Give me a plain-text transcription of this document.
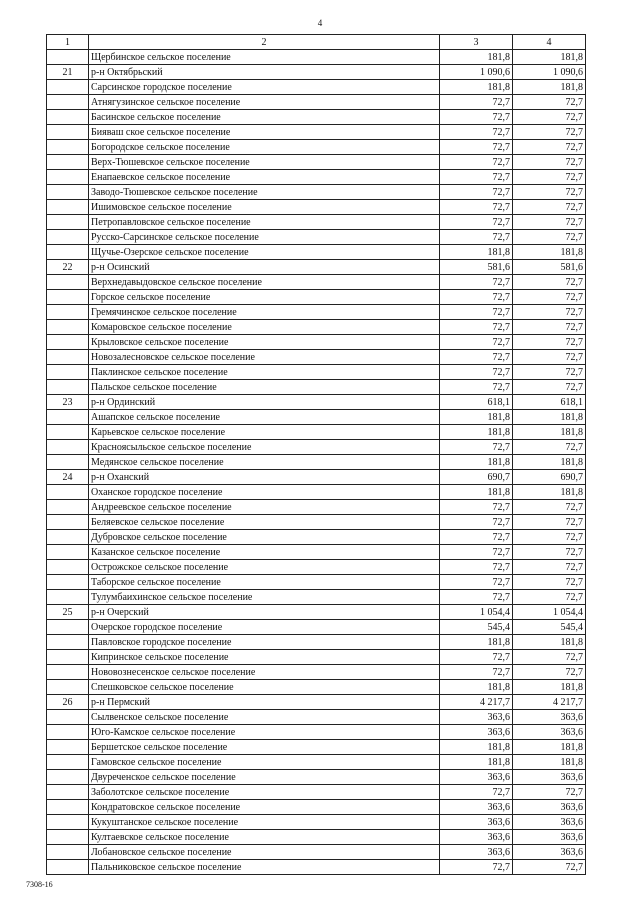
4
1	2	3	4
	Щербинское сельское поселение	181,8	181,8
21	р-н Октябрьский	1 090,6	1 090,6
	Сарсинское городское поселение	181,8	181,8
	Атнягузинское сельское поселение	72,7	72,7
	Басинское сельское поселение	72,7	72,7
	Бияваш ское сельское поселение	72,7	72,7
	Богородское сельское поселение	72,7	72,7
	Верх-Тюшевское сельское поселение	72,7	72,7
	Енапаевское сельское поселение	72,7	72,7
	Заводо-Тюшевское сельское поселение	72,7	72,7
	Ишимовское сельское поселение	72,7	72,7
	Петропавловское сельское поселение	72,7	72,7
	Русско-Сарсинское сельское поселение	72,7	72,7
	Щучье-Озерское сельское поселение	181,8	181,8
22	р-н Осинский	581,6	581,6
	Верхнедавыдовское сельское поселение	72,7	72,7
	Горское сельское поселение	72,7	72,7
	Гремячинское сельское поселение	72,7	72,7
	Комаровское сельское поселение	72,7	72,7
	Крыловское сельское поселение	72,7	72,7
	Новозалесновское сельское поселение	72,7	72,7
	Паклинское сельское поселение	72,7	72,7
	Пальское сельское поселение	72,7	72,7
23	р-н Ординский	618,1	618,1
	Ашапское сельское поселение	181,8	181,8
	Карьевское сельское поселение	181,8	181,8
	Красноясыльское сельское поселение	72,7	72,7
	Медянское сельское поселение	181,8	181,8
24	р-н Оханский	690,7	690,7
	Оханское городское поселение	181,8	181,8
	Андреевское сельское поселение	72,7	72,7
	Беляевское сельское поселение	72,7	72,7
	Дубровское сельское поселение	72,7	72,7
	Казанское сельское поселение	72,7	72,7
	Острожское сельское поселение	72,7	72,7
	Таборское сельское поселение	72,7	72,7
	Тулумбаихинское сельское поселение	72,7	72,7
25	р-н Очерский	1 054,4	1 054,4
	Очерское городское поселение	545,4	545,4
	Павловское городское поселение	181,8	181,8
	Кипринское сельское поселение	72,7	72,7
	Нововознесенское сельское поселение	72,7	72,7
	Спешковское сельское поселение	181,8	181,8
26	р-н Пермский	4 217,7	4 217,7
	Сылвенское сельское поселение	363,6	363,6
	Юго-Камское сельское поселение	363,6	363,6
	Бершетское сельское поселение	181,8	181,8
	Гамовское сельское поселение	181,8	181,8
	Двуреченское сельское поселение	363,6	363,6
	Заболотское сельское поселение	72,7	72,7
	Кондратовское сельское поселение	363,6	363,6
	Кукуштанское сельское поселение	363,6	363,6
	Култаевское сельское поселение	363,6	363,6
	Лобановское сельское поселение	363,6	363,6
	Пальниковское сельское поселение	72,7	72,7
7308-16
